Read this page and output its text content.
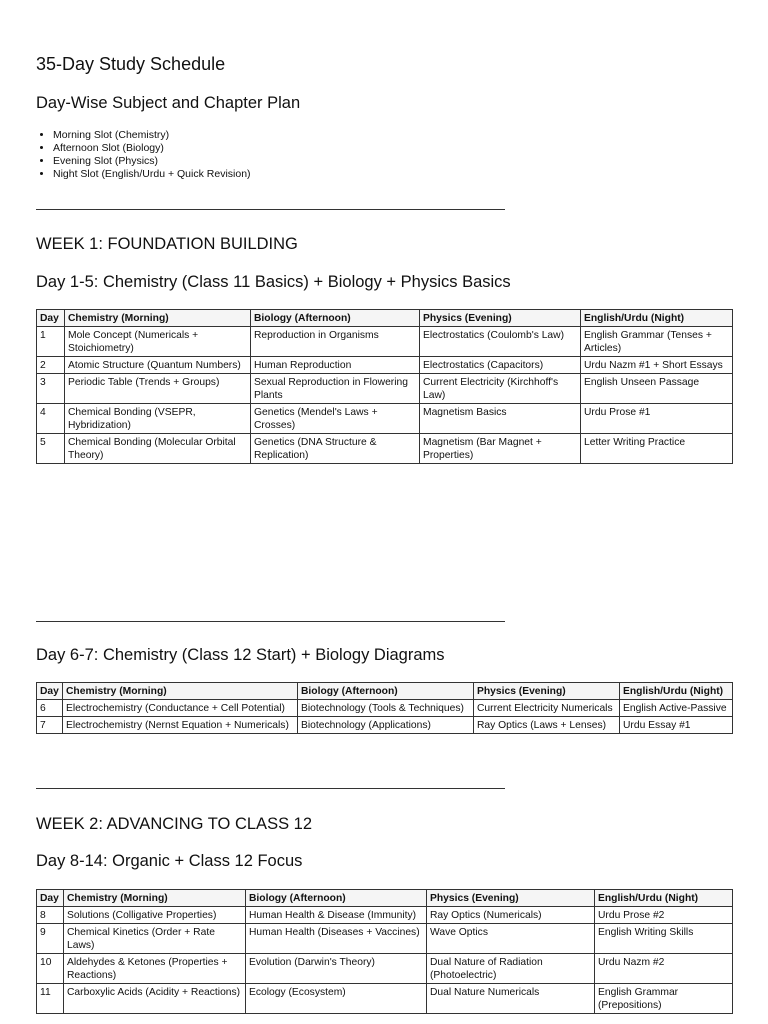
35-Day Study Schedule
Day-Wise Subject and Chapter Plan
• Morning Slot (Chemistry)
• Afternoon Slot (Biology)
• Evening Slot (Physics)
• Night Slot (English/Urdu + Quick Revision)
WEEK 1: FOUNDATION BUILDING
Day 1-5: Chemistry (Class 11 Basics) + Biology + Physics Basics
Day	Chemistry (Morning)	Biology (Afternoon)	Physics (Evening)	English/Urdu (Night)
1	Mole Concept (Numericals + Stoichiometry)	Reproduction in Organisms	Electrostatics (Coulomb's Law)	English Grammar (Tenses + Articles)
2	Atomic Structure (Quantum Numbers)	Human Reproduction	Electrostatics (Capacitors)	Urdu Nazm #1 + Short Essays
3	Periodic Table (Trends + Groups)	Sexual Reproduction in Flowering Plants	Current Electricity (Kirchhoff's Law)	English Unseen Passage
4	Chemical Bonding (VSEPR, Hybridization)	Genetics (Mendel's Laws + Crosses)	Magnetism Basics	Urdu Prose #1
5	Chemical Bonding (Molecular Orbital Theory)	Genetics (DNA Structure & Replication)	Magnetism (Bar Magnet + Properties)	Letter Writing Practice
Day 6-7: Chemistry (Class 12 Start) + Biology Diagrams
Day	Chemistry (Morning)	Biology (Afternoon)	Physics (Evening)	English/Urdu (Night)
6	Electrochemistry (Conductance + Cell Potential)	Biotechnology (Tools & Techniques)	Current Electricity Numericals	English Active-Passive
7	Electrochemistry (Nernst Equation + Numericals)	Biotechnology (Applications)	Ray Optics (Laws + Lenses)	Urdu Essay #1
WEEK 2: ADVANCING TO CLASS 12
Day 8-14: Organic + Class 12 Focus
Day	Chemistry (Morning)	Biology (Afternoon)	Physics (Evening)	English/Urdu (Night)
8	Solutions (Colligative Properties)	Human Health & Disease (Immunity)	Ray Optics (Numericals)	Urdu Prose #2
9	Chemical Kinetics (Order + Rate Laws)	Human Health (Diseases + Vaccines)	Wave Optics	English Writing Skills
10	Aldehydes & Ketones (Properties + Reactions)	Evolution (Darwin's Theory)	Dual Nature of Radiation (Photoelectric)	Urdu Nazm #2
11	Carboxylic Acids (Acidity + Reactions)	Ecology (Ecosystem)	Dual Nature Numericals	English Grammar (Prepositions)
